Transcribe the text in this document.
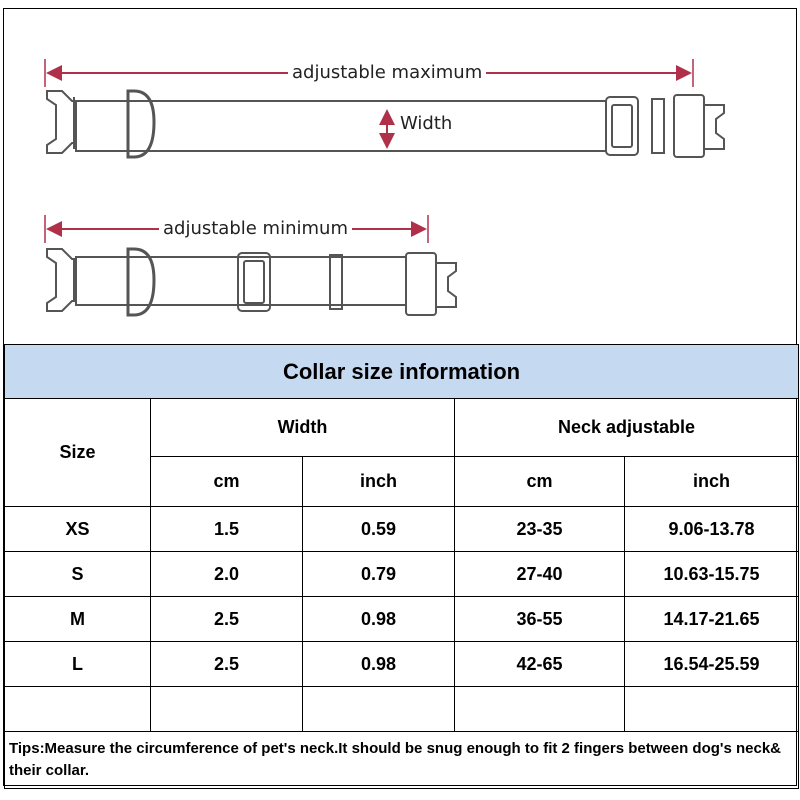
adjustable maximum
Width
adjustable minimum
Collar size information				
Size	Width		Neck adjustable	
	cm	inch	cm	inch
XS	1.5	0.59	23-35	9.06-13.78
S	2.0	0.79	27-40	10.63-15.75
M	2.5	0.98	36-55	14.17-21.65
L	2.5	0.98	42-65	16.54-25.59

Tips:Measure the circumference of pet's neck.It should be snug enough to fit 2 fingers between dog's neck& their collar.				
